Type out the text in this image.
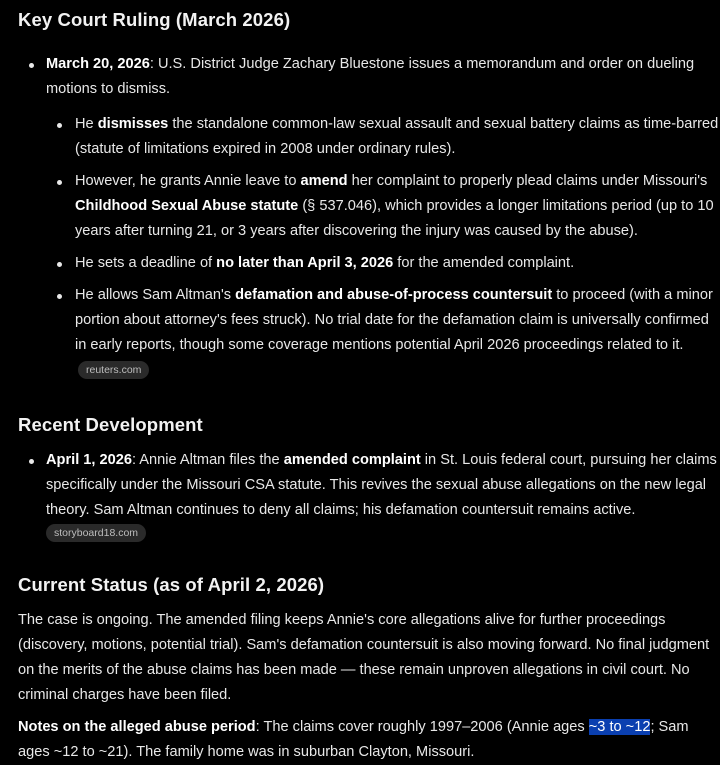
Key Court Ruling (March 2026)
March 20, 2026: U.S. District Judge Zachary Bluestone issues a memorandum and order on dueling motions to dismiss.
He dismisses the standalone common-law sexual assault and sexual battery claims as time-barred (statute of limitations expired in 2008 under ordinary rules).
However, he grants Annie leave to amend her complaint to properly plead claims under Missouri's Childhood Sexual Abuse statute (§ 537.046), which provides a longer limitations period (up to 10 years after turning 21, or 3 years after discovering the injury was caused by the abuse).
He sets a deadline of no later than April 3, 2026 for the amended complaint.
He allows Sam Altman's defamation and abuse-of-process countersuit to proceed (with a minor portion about attorney's fees struck). No trial date for the defamation claim is universally confirmed in early reports, though some coverage mentions potential April 2026 proceedings related to it. reuters.com
Recent Development
April 1, 2026: Annie Altman files the amended complaint in St. Louis federal court, pursuing her claims specifically under the Missouri CSA statute. This revives the sexual abuse allegations on the new legal theory. Sam Altman continues to deny all claims; his defamation countersuit remains active.
storyboard18.com
Current Status (as of April 2, 2026)

The case is ongoing. The amended filing keeps Annie's core allegations alive for further proceedings (discovery, motions, potential trial). Sam's defamation countersuit is also moving forward. No final judgment on the merits of the abuse claims has been made — these remain unproven allegations in civil court. No criminal charges have been filed.

Notes on the alleged abuse period: The claims cover roughly 1997–2006 (Annie ages ~3 to ~12; Sam ages ~12 to ~21). The family home was in suburban Clayton, Missouri.
